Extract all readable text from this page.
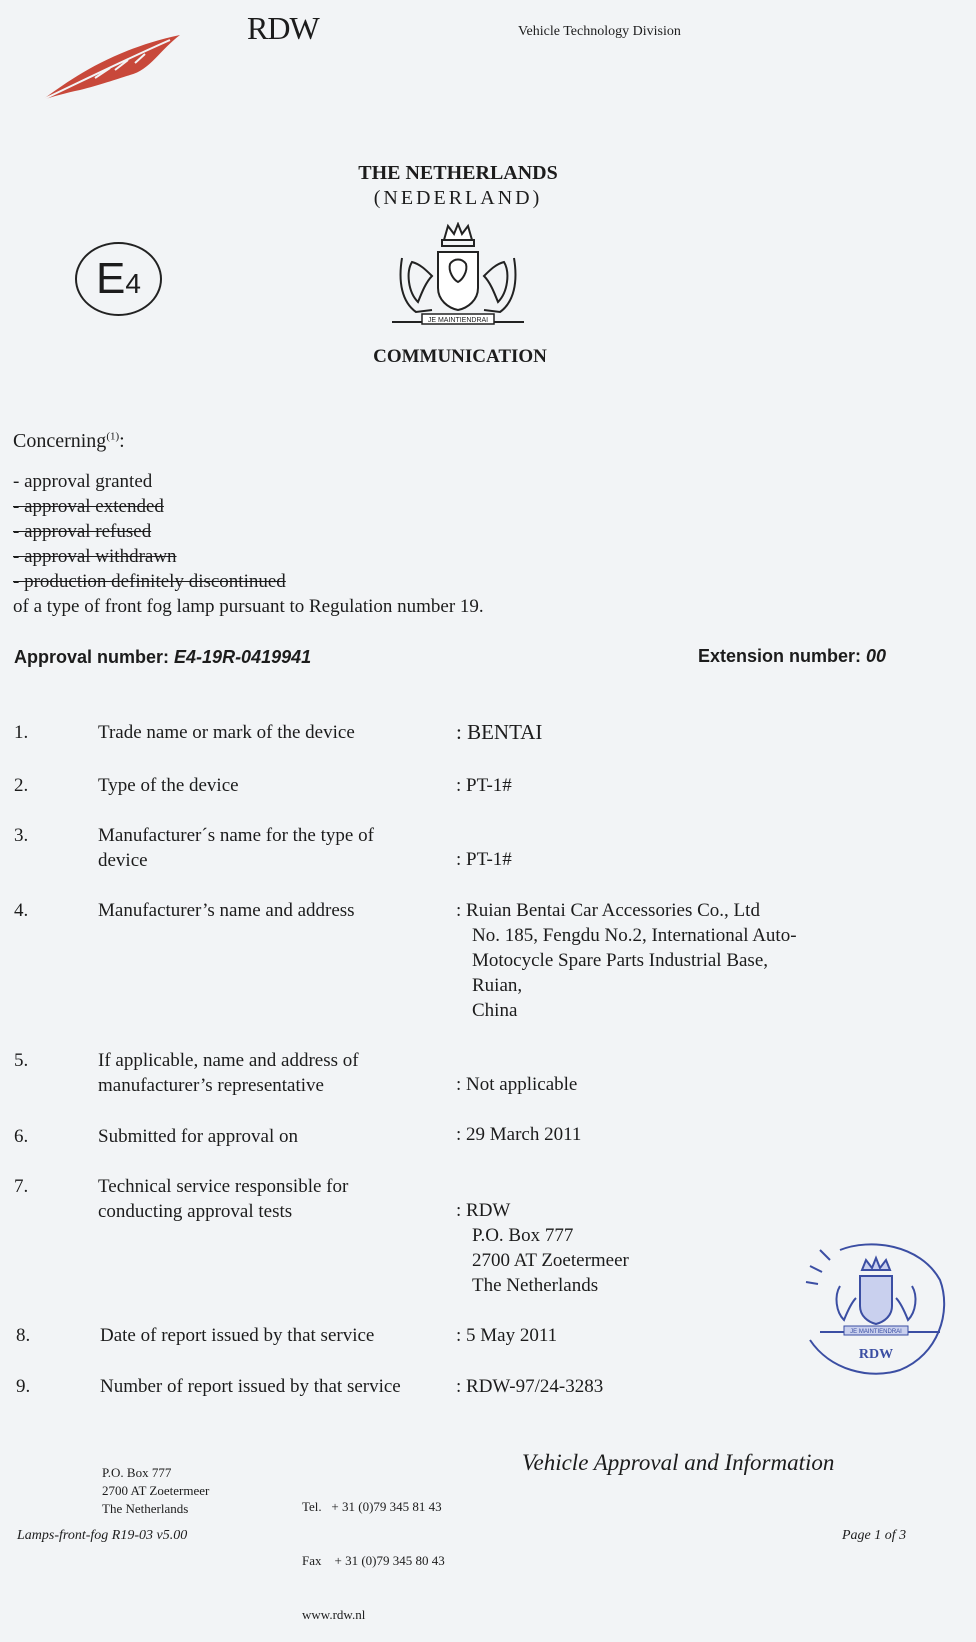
RDW	Vehicle Technology Division
THE NETHERLANDS
(NEDERLAND)
E4
JE MAINTIENDRAI
COMMUNICATION
Concerning$^{(1)}$:
- approval granted
- approval extended
- approval refused
- approval withdrawn
- production definitely discontinued
of a type of front fog lamp pursuant to Regulation number 19.
Approval number: E4-19R-0419941	Extension number: 00
1.	Trade name or mark of the device	: BENTAI
2.	Type of the device	: PT-1#
3.	Manufacturer´s name for the type of
device	: PT-1#
4.	Manufacturer’s name and address	: Ruian Bentai Car Accessories Co., Ltd
No. 185, Fengdu No.2, International Auto-
Motocycle Spare Parts Industrial Base,
Ruian,
China
5.	If applicable, name and address of
manufacturer’s representative	: Not applicable
6.	Submitted for approval on	: 29 March 2011
7.	Technical service responsible for
conducting approval tests	: RDW
P.O. Box 777
2700 AT Zoetermeer
The Netherlands
8.	Date of report issued by that service	: 5 May 2011
9.	Number of report issued by that service	: RDW-97/24-3283
JE MAINTIENDRAI
RDW
P.O. Box 777
2700 AT Zoetermeer
The Netherlands

	Tel.   + 31 (0)79 345 81 43

Fax    + 31 (0)79 345 80 43

www.rdw.nl

Vehicle Approval and Information
Lamps-front-fog R19-03 v5.00	Page 1 of 3
